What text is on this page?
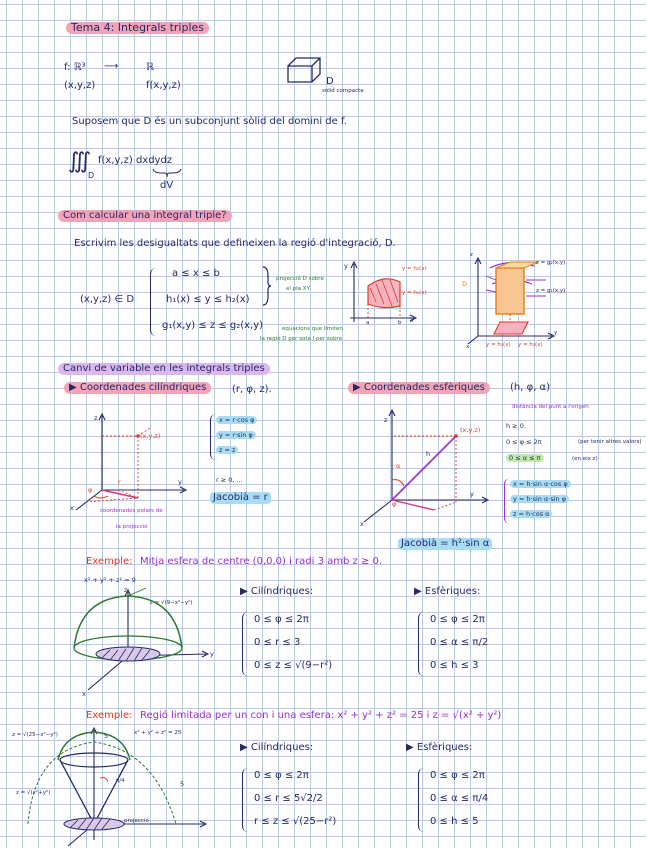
Tema 4: Integrals triples
f: ℝ³ ⟶	ℝ
(x,y,z)	f(x,y,z)	D
sòlid compacte
Suposem que D és un subconjunt sòlid del domini de f.
∭
D
f(x,y,z) dxdydz
dV
Com calcular una integral triple?
Escrivim les desigualtats que defineixen la regió d'integració, D.
(x,y,z) ∈ D
a ≤ x ≤ b
h₁(x) ≤ y ≤ h₂(x)
g₁(x,y) ≤ z ≤ g₂(x,y)
projecció D sobre
el pla XY
equacions que limiten
la regió D per sota i per sobre
y = h₂(x)
y = h₁(x)
y
x
a	b
z = g₂(x,y)
z = g₁(x,y)
D
z
y
x	y = h₁(x) y = h₂(x)
Canvi de variable en les integrals triples
▶ Coordenades cilíndriques	(r, φ, z).
(x,y,z)
z
x
y
r
φ
coordenades polars de
la projecció
x = r·cos φ
y = r·sin φ
z = z
r ≥ 0, ...
Jacobià = r
▶ Coordenades esfèriques	(h, φ, α)
distància del punt a l'origen
h ≥ 0.
0 ≤ φ ≤ 2π	(per tenir altres valors)
0 ≤ α ≤ π	(en eix z)
x = h·sin α·cos φ
y = h·sin α·sin φ
z = h·cos α
(x,y,z)
z
x
y
h
α
φ
Jacobià = h²·sin α
Exemple: Mitja esfera de centre (0,0,0) i radi 3 amb z ≥ 0.
x² + y² + z² = 9
z = √(9−x²−y²)
z
y
x
▶ Cilíndriques:
0 ≤ φ ≤ 2π
0 ≤ r ≤ 3
0 ≤ z ≤ √(9−r²)
▶ Esfèriques:
0 ≤ φ ≤ 2π
0 ≤ α ≤ π/2
0 ≤ h ≤ 3
Exemple: Regió limitada per un con i una esfera: x² + y² + z² = 25 i z = √(x² + y²)
z = √(25−x²−y²)	x² + y² + z² = 25
z = √(x²+y²)
5
5
π/4
projecció
▶ Cilíndriques:
0 ≤ φ ≤ 2π
0 ≤ r ≤ 5√2/2
r ≤ z ≤ √(25−r²)
▶ Esfèriques:
0 ≤ φ ≤ 2π
0 ≤ α ≤ π/4
0 ≤ h ≤ 5
